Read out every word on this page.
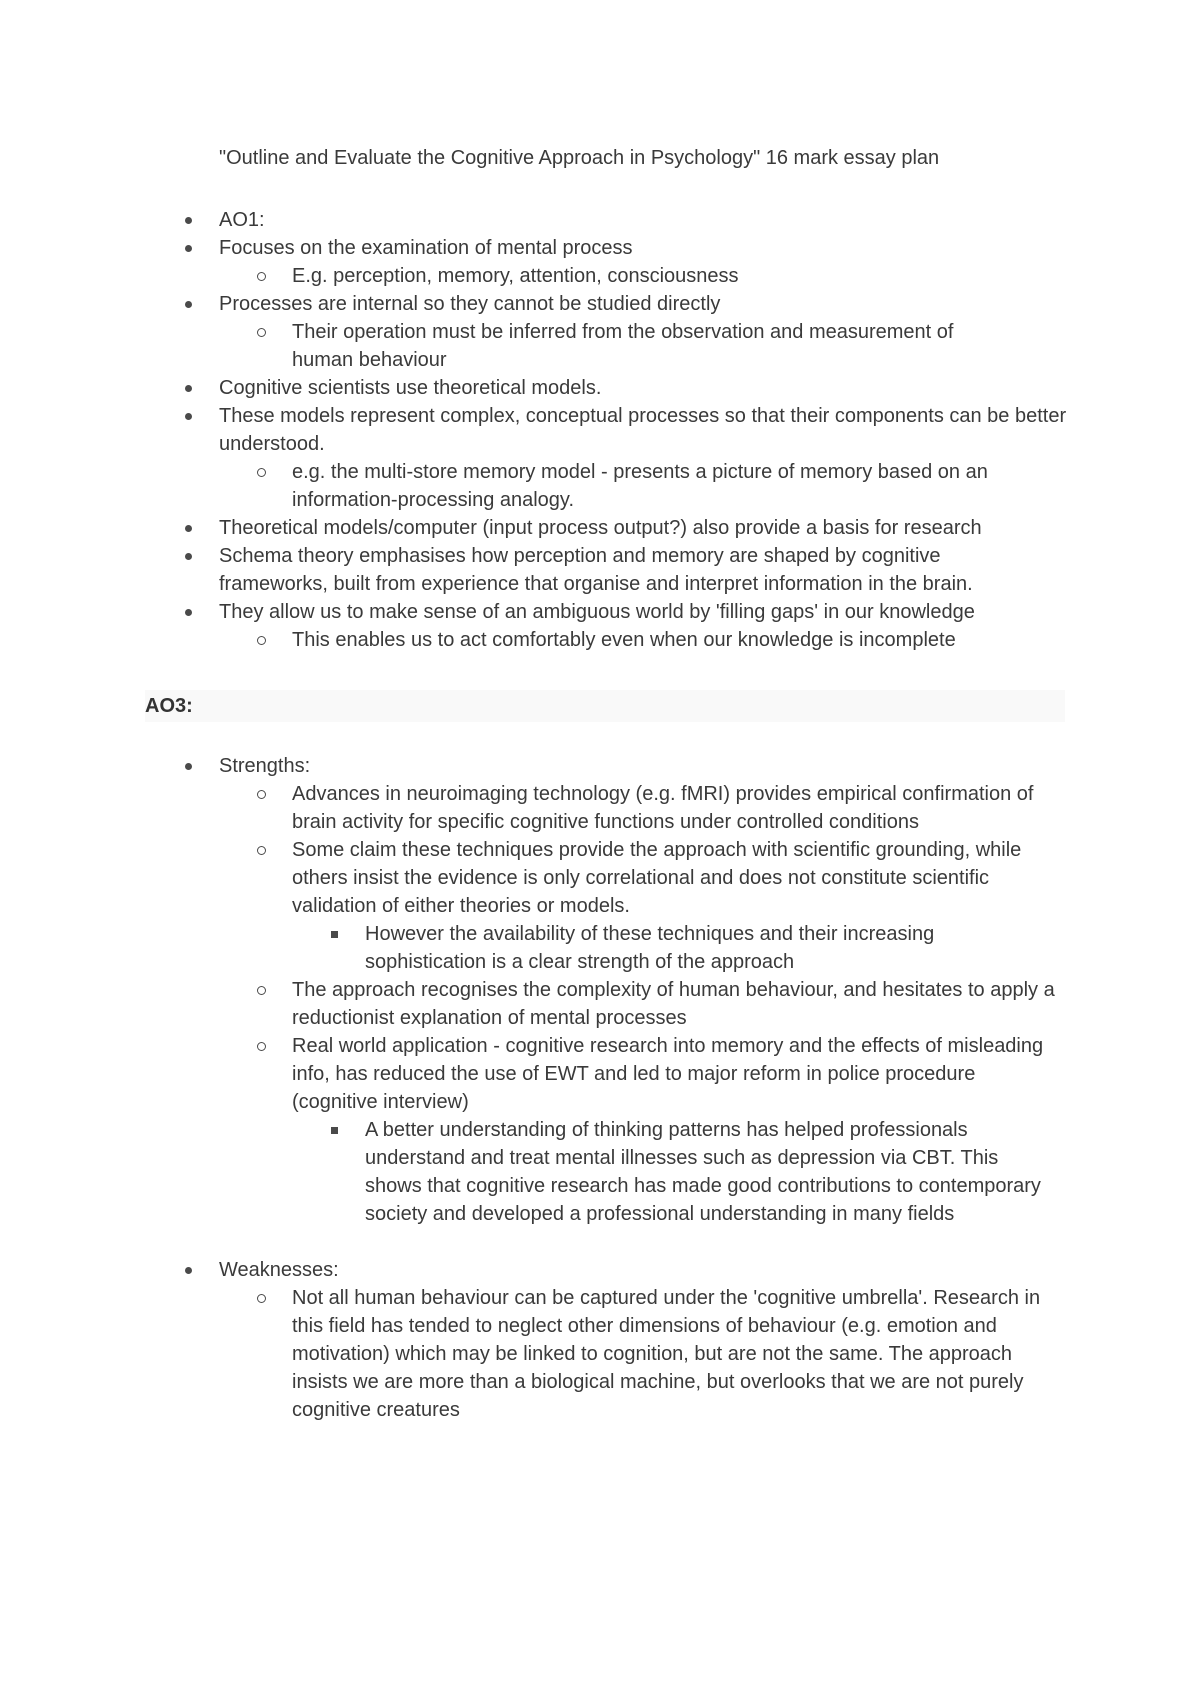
"Outline and Evaluate the Cognitive Approach in Psychology" 16 mark essay plan
AO1:
Focuses on the examination of mental process
E.g. perception, memory, attention, consciousness
Processes are internal so they cannot be studied directly
Their operation must be inferred from the observation and measurement of human behaviour
Cognitive scientists use theoretical models.
These models represent complex, conceptual processes so that their components can be better understood.
e.g. the multi-store memory model - presents a picture of memory based on an information-processing analogy.
Theoretical models/computer (input process output?) also provide a basis for research
Schema theory emphasises how perception and memory are shaped by cognitive frameworks, built from experience that organise and interpret information in the brain.
They allow us to make sense of an ambiguous world by 'filling gaps' in our knowledge
This enables us to act comfortably even when our knowledge is incomplete
AO3:
Strengths:
Advances in neuroimaging technology (e.g. fMRI) provides empirical confirmation of brain activity for specific cognitive functions under controlled conditions
Some claim these techniques provide the approach with scientific grounding, while others insist the evidence is only correlational and does not constitute scientific validation of either theories or models.
However the availability of these techniques and their increasing sophistication is a clear strength of the approach
The approach recognises the complexity of human behaviour, and hesitates to apply a reductionist explanation of mental processes
Real world application - cognitive research into memory and the effects of misleading info, has reduced the use of EWT and led to major reform in police procedure (cognitive interview)
A better understanding of thinking patterns has helped professionals understand and treat mental illnesses such as depression via CBT. This shows that cognitive research has made good contributions to contemporary society and developed a professional understanding in many fields
Weaknesses:
Not all human behaviour can be captured under the 'cognitive umbrella'. Research in this field has tended to neglect other dimensions of behaviour (e.g. emotion and motivation) which may be linked to cognition, but are not the same. The approach insists we are more than a biological machine, but overlooks that we are not purely cognitive creatures
